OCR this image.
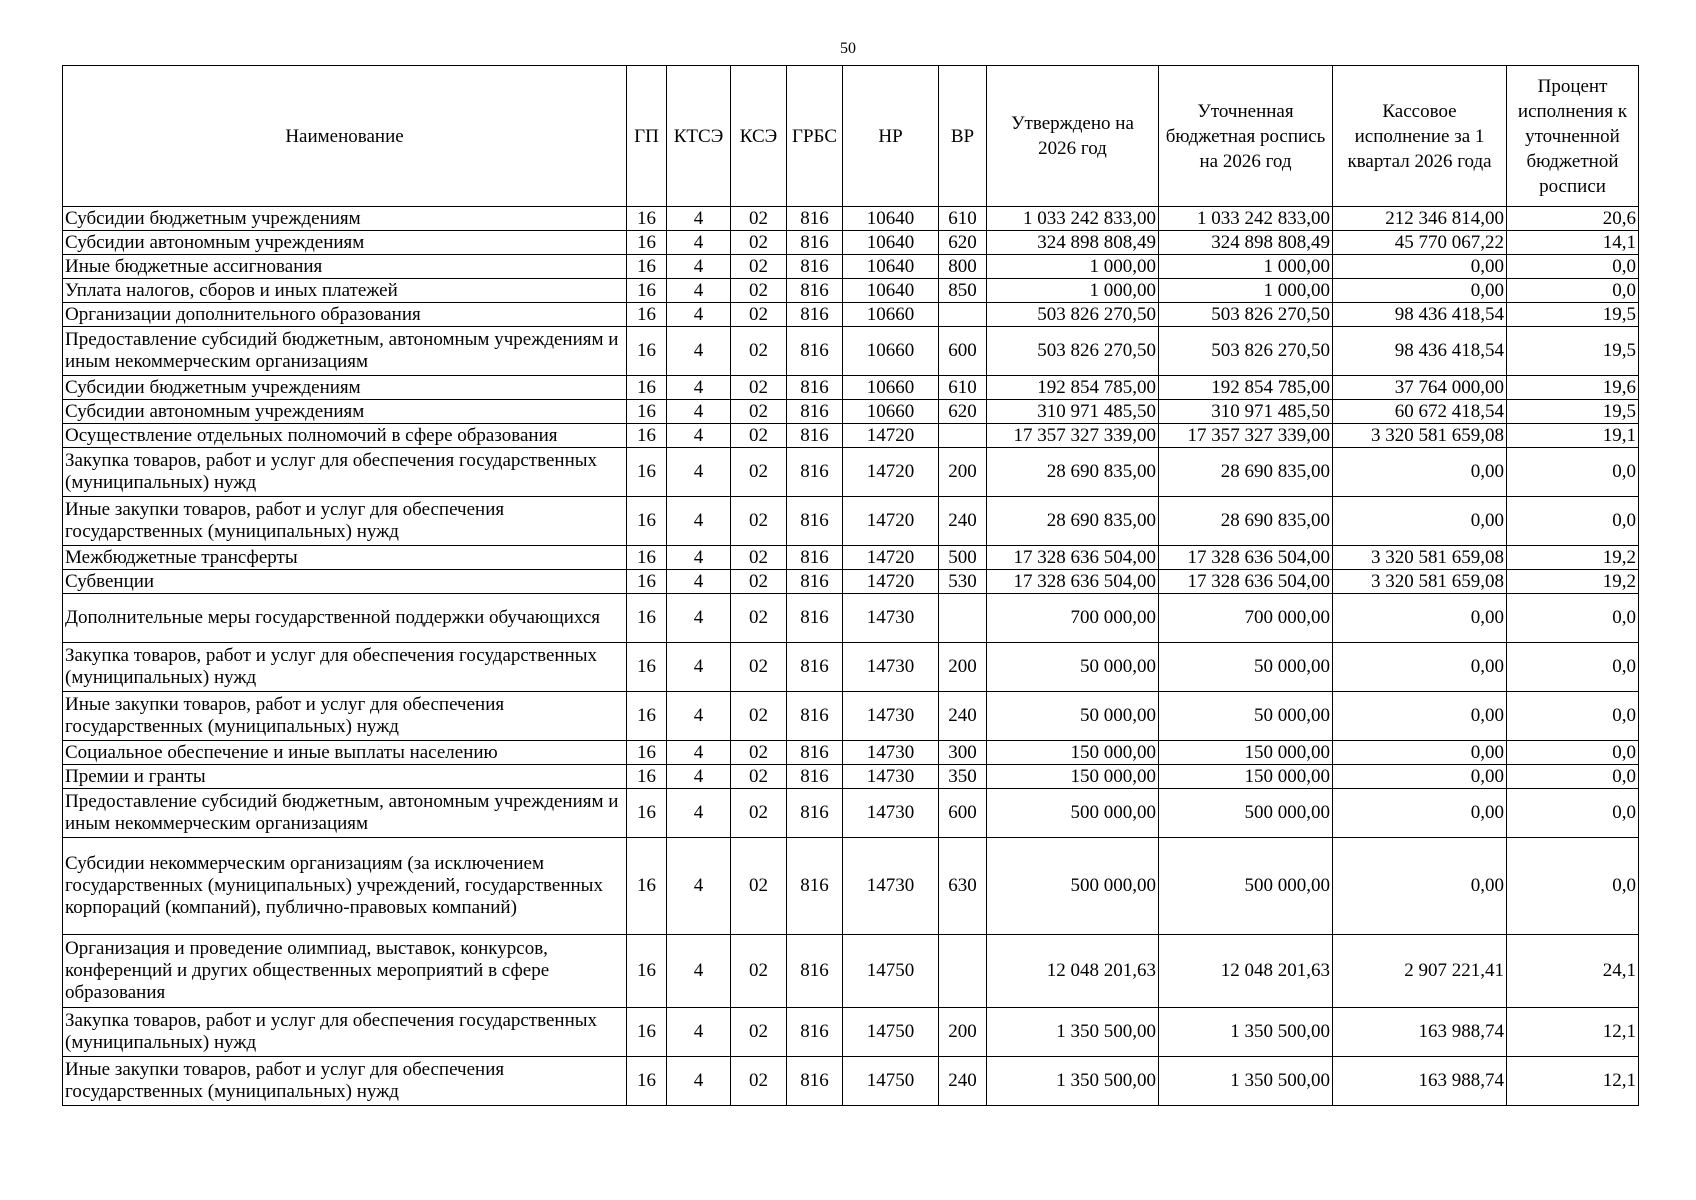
50
Наименование	ГП	КТСЭ	КСЭ	ГРБС	НР	ВР	Утверждено на 2026 год	Уточненная бюджетная роспись на 2026 год	Кассовое исполнение за 1 квартал 2026 года	Процент исполнения к уточненной бюджетной росписи
Субсидии бюджетным учреждениям	16	4	02	816	10640	610	1 033 242 833,00	1 033 242 833,00	212 346 814,00	20,6
Субсидии автономным учреждениям	16	4	02	816	10640	620	324 898 808,49	324 898 808,49	45 770 067,22	14,1
Иные бюджетные ассигнования	16	4	02	816	10640	800	1 000,00	1 000,00	0,00	0,0
Уплата налогов, сборов и иных платежей	16	4	02	816	10640	850	1 000,00	1 000,00	0,00	0,0
Организации дополнительного образования	16	4	02	816	10660		503 826 270,50	503 826 270,50	98 436 418,54	19,5
Предоставление субсидий бюджетным, автономным учреждениям и иным некоммерческим организациям	16	4	02	816	10660	600	503 826 270,50	503 826 270,50	98 436 418,54	19,5
Субсидии бюджетным учреждениям	16	4	02	816	10660	610	192 854 785,00	192 854 785,00	37 764 000,00	19,6
Субсидии автономным учреждениям	16	4	02	816	10660	620	310 971 485,50	310 971 485,50	60 672 418,54	19,5
Осуществление отдельных полномочий в сфере образования	16	4	02	816	14720		17 357 327 339,00	17 357 327 339,00	3 320 581 659,08	19,1
Закупка товаров, работ и услуг для обеспечения государственных (муниципальных) нужд	16	4	02	816	14720	200	28 690 835,00	28 690 835,00	0,00	0,0
Иные закупки товаров, работ и услуг для обеспечения государственных (муниципальных) нужд	16	4	02	816	14720	240	28 690 835,00	28 690 835,00	0,00	0,0
Межбюджетные трансферты	16	4	02	816	14720	500	17 328 636 504,00	17 328 636 504,00	3 320 581 659,08	19,2
Субвенции	16	4	02	816	14720	530	17 328 636 504,00	17 328 636 504,00	3 320 581 659,08	19,2
Дополнительные меры государственной поддержки обучающихся	16	4	02	816	14730		700 000,00	700 000,00	0,00	0,0
Закупка товаров, работ и услуг для обеспечения государственных (муниципальных) нужд	16	4	02	816	14730	200	50 000,00	50 000,00	0,00	0,0
Иные закупки товаров, работ и услуг для обеспечения государственных (муниципальных) нужд	16	4	02	816	14730	240	50 000,00	50 000,00	0,00	0,0
Социальное обеспечение и иные выплаты населению	16	4	02	816	14730	300	150 000,00	150 000,00	0,00	0,0
Премии и гранты	16	4	02	816	14730	350	150 000,00	150 000,00	0,00	0,0
Предоставление субсидий бюджетным, автономным учреждениям и иным некоммерческим организациям	16	4	02	816	14730	600	500 000,00	500 000,00	0,00	0,0
Субсидии некоммерческим организациям (за исключением государственных (муниципальных) учреждений, государственных корпораций (компаний), публично-правовых компаний)	16	4	02	816	14730	630	500 000,00	500 000,00	0,00	0,0
Организация и проведение олимпиад, выставок, конкурсов, конференций и других общественных мероприятий в сфере образования	16	4	02	816	14750		12 048 201,63	12 048 201,63	2 907 221,41	24,1
Закупка товаров, работ и услуг для обеспечения государственных (муниципальных) нужд	16	4	02	816	14750	200	1 350 500,00	1 350 500,00	163 988,74	12,1
Иные закупки товаров, работ и услуг для обеспечения государственных (муниципальных) нужд	16	4	02	816	14750	240	1 350 500,00	1 350 500,00	163 988,74	12,1
